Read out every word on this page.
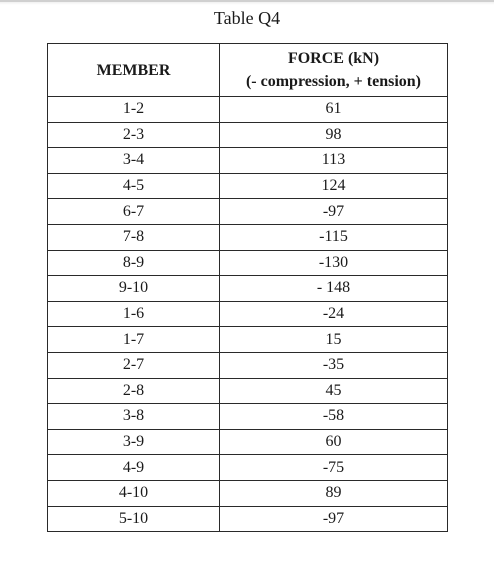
Table Q4
MEMBER	FORCE (kN)
(- compression, + tension)

1-2	61
2-3	98
3-4	113
4-5	124
6-7	-97
7-8	-115
8-9	-130
9-10	- 148
1-6	-24
1-7	15
2-7	-35
2-8	45
3-8	-58
3-9	60
4-9	-75
4-10	89
5-10	-97
